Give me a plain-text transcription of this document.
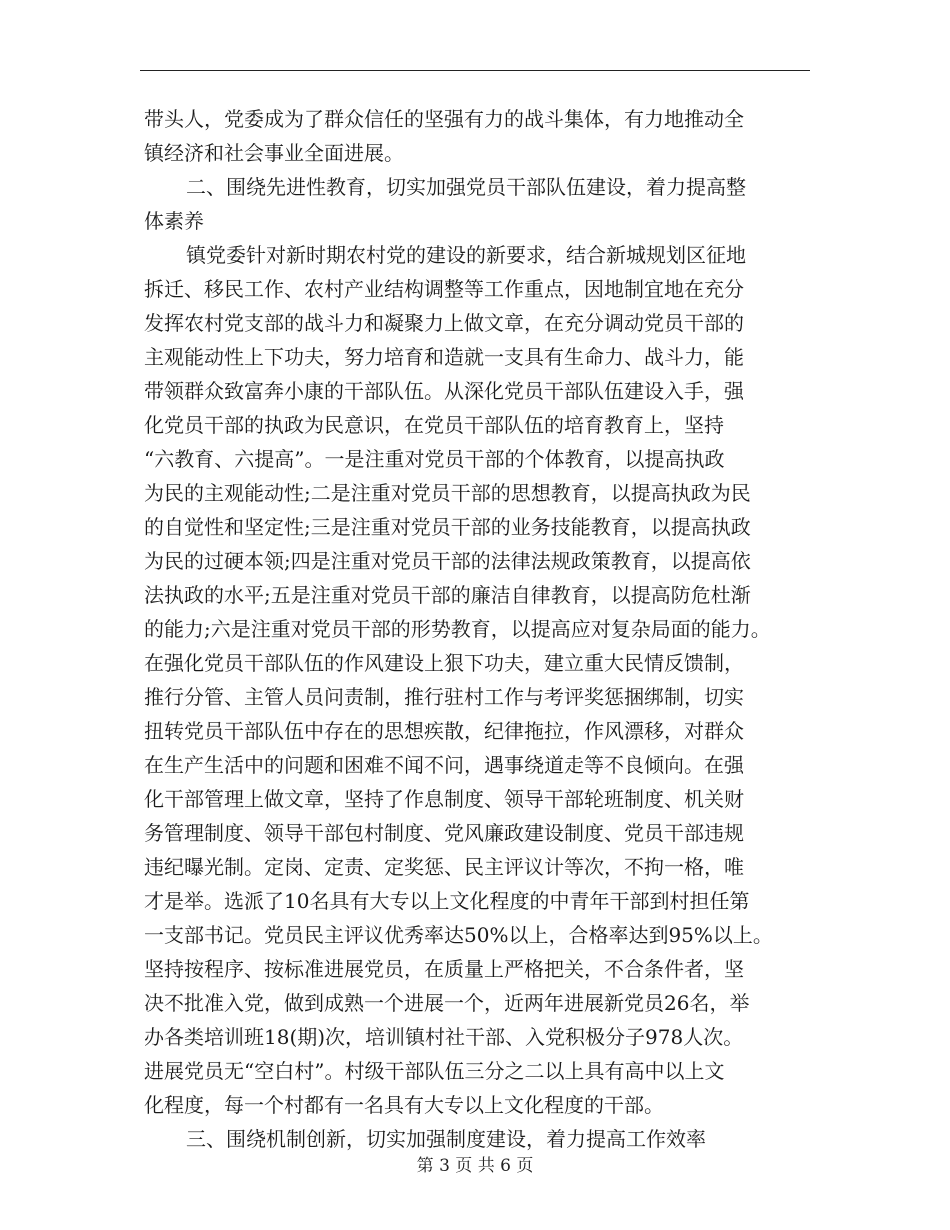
带头人，党委成为了群众信任的坚强有力的战斗集体，有力地推动全
镇经济和社会事业全面进展。
二、围绕先进性教育，切实加强党员干部队伍建设，着力提高整
体素养
镇党委针对新时期农村党的建设的新要求，结合新城规划区征地
拆迁、移民工作、农村产业结构调整等工作重点，因地制宜地在充分
发挥农村党支部的战斗力和凝聚力上做文章，在充分调动党员干部的
主观能动性上下功夫，努力培育和造就一支具有生命力、战斗力，能
带领群众致富奔小康的干部队伍。从深化党员干部队伍建设入手，强
化党员干部的执政为民意识，在党员干部队伍的培育教育上，坚持
“六教育、六提高”。一是注重对党员干部的个体教育，以提高执政
为民的主观能动性;二是注重对党员干部的思想教育，以提高执政为民
的自觉性和坚定性;三是注重对党员干部的业务技能教育，以提高执政
为民的过硬本领;四是注重对党员干部的法律法规政策教育，以提高依
法执政的水平;五是注重对党员干部的廉洁自律教育，以提高防危杜渐
的能力;六是注重对党员干部的形势教育，以提高应对复杂局面的能力。
在强化党员干部队伍的作风建设上狠下功夫，建立重大民情反馈制，
推行分管、主管人员问责制，推行驻村工作与考评奖惩捆绑制，切实
扭转党员干部队伍中存在的思想疾散，纪律拖拉，作风漂移，对群众
在生产生活中的问题和困难不闻不问，遇事绕道走等不良倾向。在强
化干部管理上做文章，坚持了作息制度、领导干部轮班制度、机关财
务管理制度、领导干部包村制度、党风廉政建设制度、党员干部违规
违纪曝光制。定岗、定责、定奖惩、民主评议计等次，不拘一格，唯
才是举。选派了10名具有大专以上文化程度的中青年干部到村担任第
一支部书记。党员民主评议优秀率达50%以上，合格率达到95%以上。
坚持按程序、按标准进展党员，在质量上严格把关，不合条件者，坚
决不批准入党，做到成熟一个进展一个，近两年进展新党员26名，举
办各类培训班18(期)次，培训镇村社干部、入党积极分子978人次。
进展党员无“空白村”。村级干部队伍三分之二以上具有高中以上文
化程度，每一个村都有一名具有大专以上文化程度的干部。
三、围绕机制创新，切实加强制度建设，着力提高工作效率
第 3 页 共 6 页
